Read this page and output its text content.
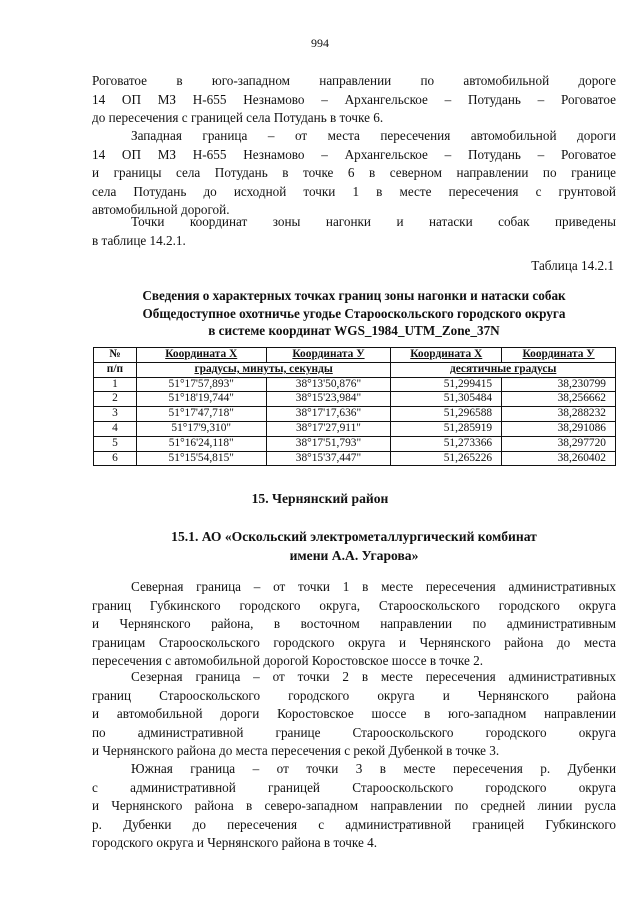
994

Роговатое в юго-западном направлении по автомобильной дороге
14 ОП МЗ Н-655 Незнамово – Архангельское – Потудань – Роговатое
до пересечения с границей села Потудань в точке 6.

Западная граница – от места пересечения автомобильной дороги
14 ОП МЗ Н-655 Незнамово – Архангельское – Потудань – Роговатое
и границы села Потудань в точке 6 в северном направлении по границе
села Потудань до исходной точки 1 в месте пересечения с грунтовой
автомобильной дорогой.

Точки координат зоны нагонки и натаски собак приведены
в таблице 14.2.1.

Таблица 14.2.1

Сведения о характерных точках границ зоны нагонки и натаски собак
Общедоступное охотничье угодье Старооскольского городского округа
в системе координат WGS_1984_UTM_Zone_37N

№	Координата X	Координата У	Координата X	Координата У
п/п	градусы, минуты, секунды		десятичные градусы	
1	51°17'57,893"	38°13'50,876"	51,299415	38,230799
2	51°18'19,744"	38°15'23,984"	51,305484	38,256662
3	51°17'47,718"	38°17'17,636"	51,296588	38,288232
4	51°17'9,310"	38°17'27,911"	51,285919	38,291086
5	51°16'24,118"	38°17'51,793"	51,273366	38,297720
6	51°15'54,815"	38°15'37,447"	51,265226	38,260402
15. Чернянский район

15.1. АО «Оскольский электрометаллургический комбинат
имени А.А. Угарова»

Северная граница – от точки 1 в месте пересечения административных
границ Губкинского городского округа, Старооскольского городского округа
и Чернянского района, в восточном направлении по административным
границам Старооскольского городского округа и Чернянского района до места
пересечения с автомобильной дорогой Коростовское шоссе в точке 2.

Сезерная граница – от точки 2 в месте пересечения административных
границ Старооскольского городского округа и Чернянского района
и автомобильной дороги Коростовское шоссе в юго-западном направлении
по административной границе Старооскольского городского округа
и Чернянского района до места пересечения с рекой Дубенкой в точке 3.

Южная граница – от точки 3 в месте пересечения р. Дубенки
с административной границей Старооскольского городского округа
и Чернянского района в северо-западном направлении по средней линии русла
р. Дубенки до пересечения с административной границей Губкинского
городского округа и Чернянского района в точке 4.
